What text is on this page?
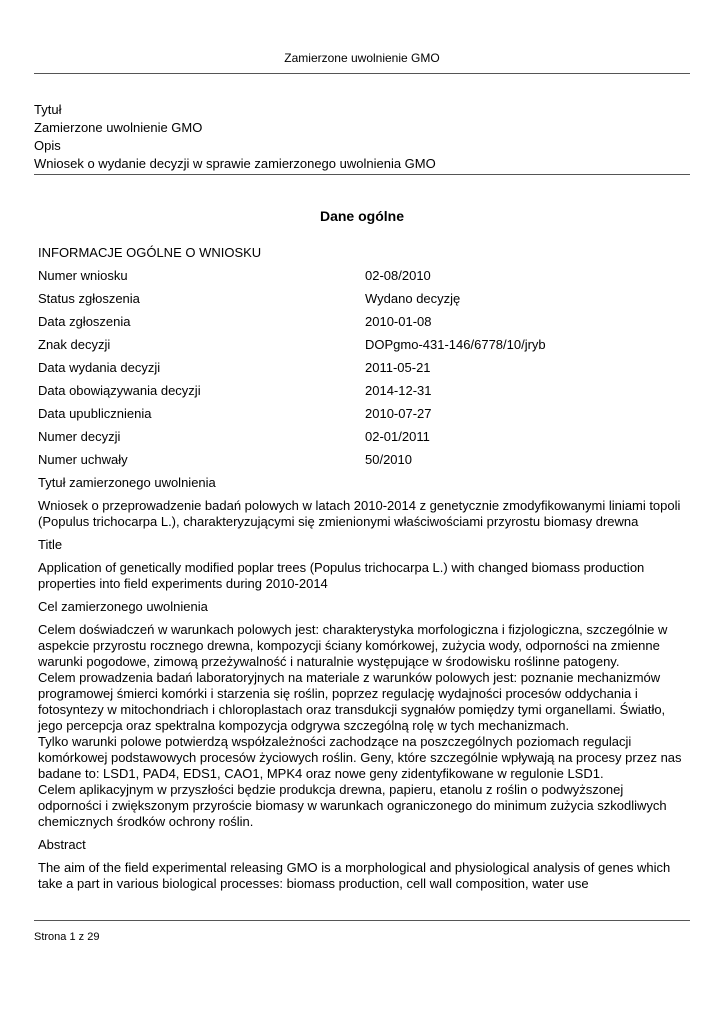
Zamierzone uwolnienie GMO
Tytuł
Zamierzone uwolnienie GMO
Opis
Wniosek o wydanie decyzji w sprawie zamierzonego uwolnienia GMO
Dane ogólne
INFORMACJE OGÓLNE O WNIOSKU
Numer wniosku	02-08/2010
Status zgłoszenia	Wydano decyzję
Data zgłoszenia	2010-01-08
Znak decyzji	DOPgmo-431-146/6778/10/jryb
Data wydania decyzji	2011-05-21
Data obowiązywania decyzji	2014-12-31
Data upublicznienia	2010-07-27
Numer decyzji	02-01/2011
Numer uchwały	50/2010
Tytuł zamierzonego uwolnienia
Wniosek o przeprowadzenie badań polowych w latach 2010-2014 z genetycznie zmodyfikowanymi liniami topoli (Populus trichocarpa L.), charakteryzującymi się zmienionymi właściwościami przyrostu biomasy drewna
Title
Application of genetically modified poplar trees (Populus trichocarpa L.) with changed biomass production properties into field experiments during 2010-2014
Cel zamierzonego uwolnienia
Celem doświadczeń w warunkach polowych jest: charakterystyka morfologiczna i fizjologiczna, szczególnie w aspekcie przyrostu rocznego drewna, kompozycji ściany komórkowej, zużycia wody, odporności na zmienne warunki pogodowe, zimową przeżywalność i naturalnie występujące w środowisku roślinne patogeny.
Celem prowadzenia badań laboratoryjnych na materiale z warunków polowych jest: poznanie mechanizmów programowej śmierci komórki i starzenia się roślin, poprzez regulację wydajności procesów oddychania i fotosyntezy w mitochondriach i chloroplastach oraz transdukcji sygnałów pomiędzy tymi organellami. Światło, jego percepcja oraz spektralna kompozycja odgrywa szczególną rolę w tych mechanizmach.
Tylko warunki polowe potwierdzą współzależności zachodzące na poszczególnych poziomach regulacji komórkowej podstawowych procesów życiowych roślin. Geny, które szczególnie wpływają na procesy przez nas badane to: LSD1, PAD4, EDS1, CAO1, MPK4 oraz nowe geny zidentyfikowane w regulonie LSD1.
Celem aplikacyjnym w przyszłości będzie produkcja drewna, papieru, etanolu z roślin o podwyższonej odporności i zwiększonym przyroście biomasy w warunkach ograniczonego do minimum zużycia szkodliwych chemicznych środków ochrony roślin.
Abstract
The aim of the field experimental releasing GMO is a morphological and physiological analysis of genes which take a part in various biological processes: biomass production, cell wall composition, water use
Strona 1 z 29
